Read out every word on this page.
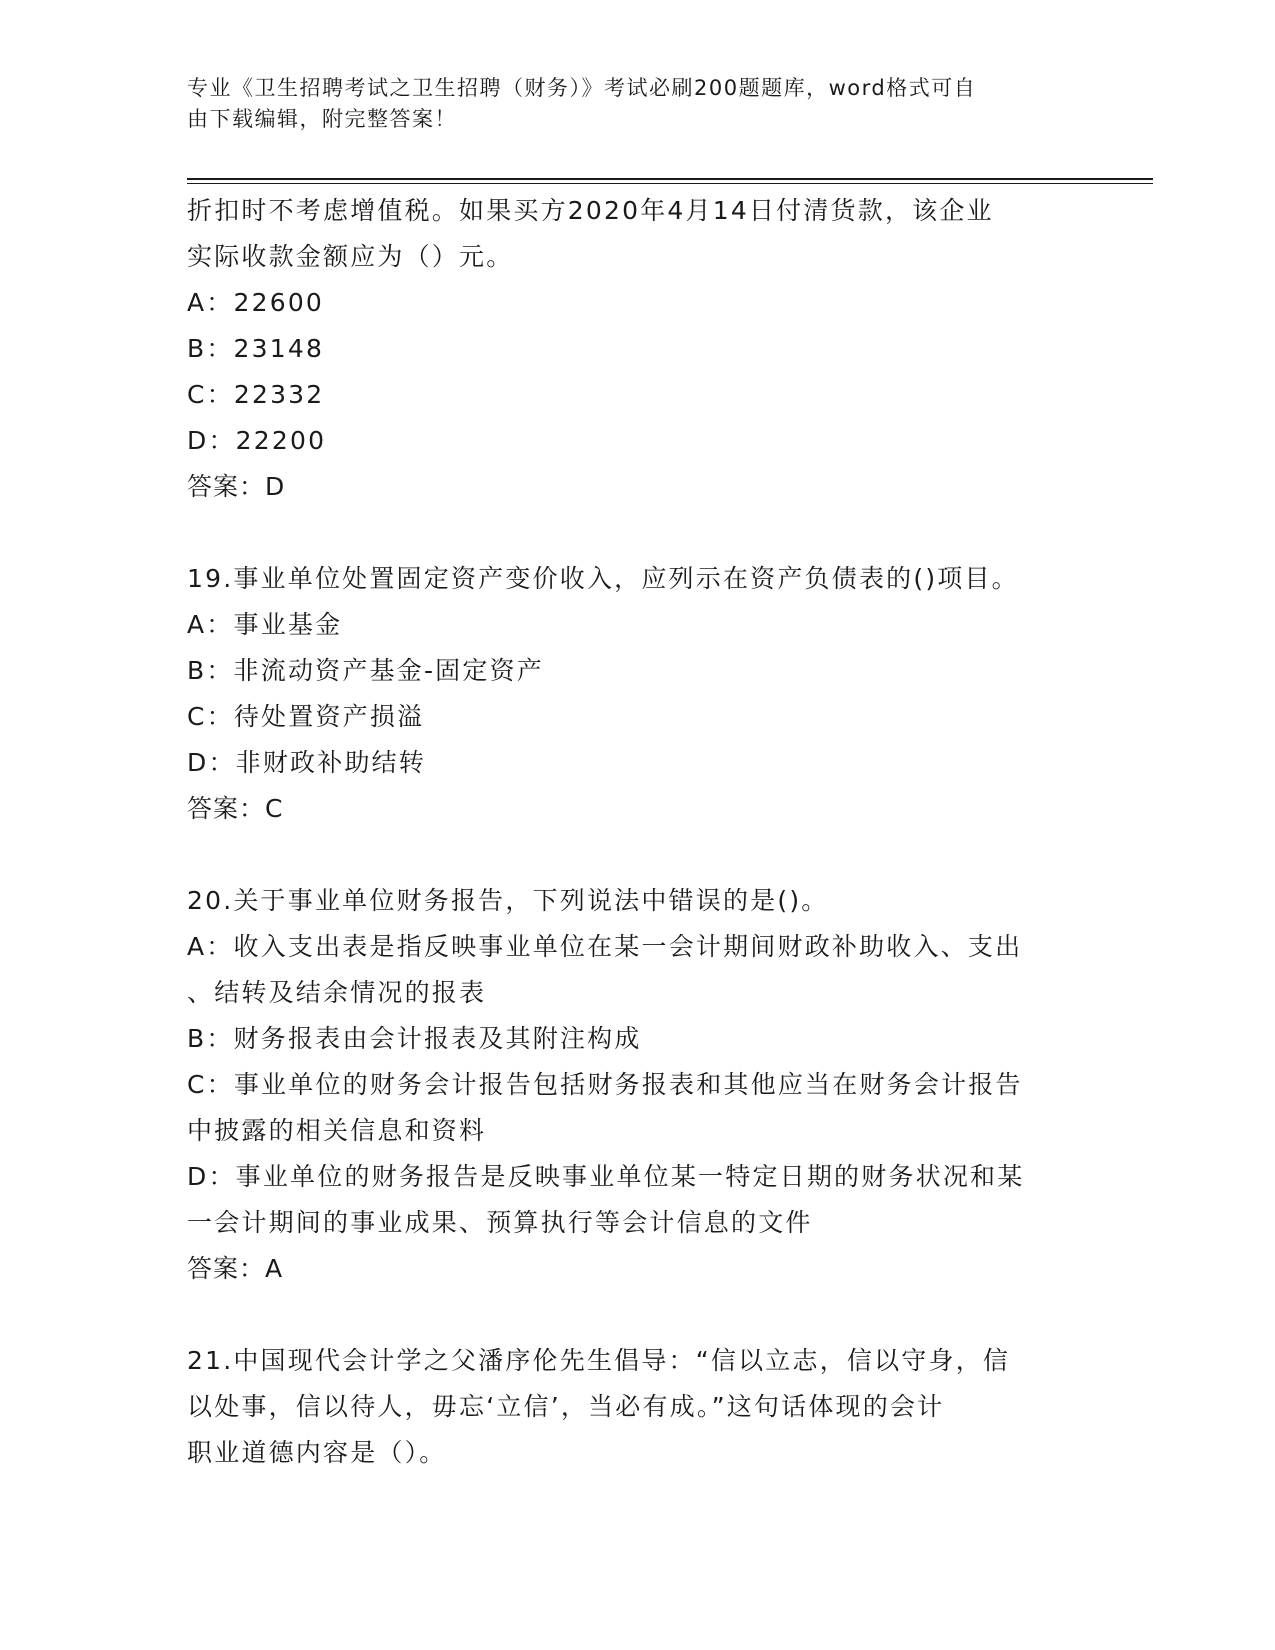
专业《卫生招聘考试之卫生招聘（财务）》考试必刷200题题库，word格式可自
由下载编辑，附完整答案！
折扣时不考虑增值税。如果买方2020年4月14日付清货款，该企业
实际收款金额应为（）元。
A：22600
B：23148
C：22332
D：22200
答案：D
19.事业单位处置固定资产变价收入，应列示在资产负债表的()项目。
A：事业基金
B：非流动资产基金-固定资产
C：待处置资产损溢
D：非财政补助结转
答案：C
20.关于事业单位财务报告，下列说法中错误的是()。
A：收入支出表是指反映事业单位在某一会计期间财政补助收入、支出
、结转及结余情况的报表
B：财务报表由会计报表及其附注构成
C：事业单位的财务会计报告包括财务报表和其他应当在财务会计报告
中披露的相关信息和资料
D：事业单位的财务报告是反映事业单位某一特定日期的财务状况和某
一会计期间的事业成果、预算执行等会计信息的文件
答案：A
21.中国现代会计学之父潘序伦先生倡导：“信以立志，信以守身，信
以处事，信以待人，毋忘‘立信’，当必有成。”这句话体现的会计
职业道德内容是（）。
